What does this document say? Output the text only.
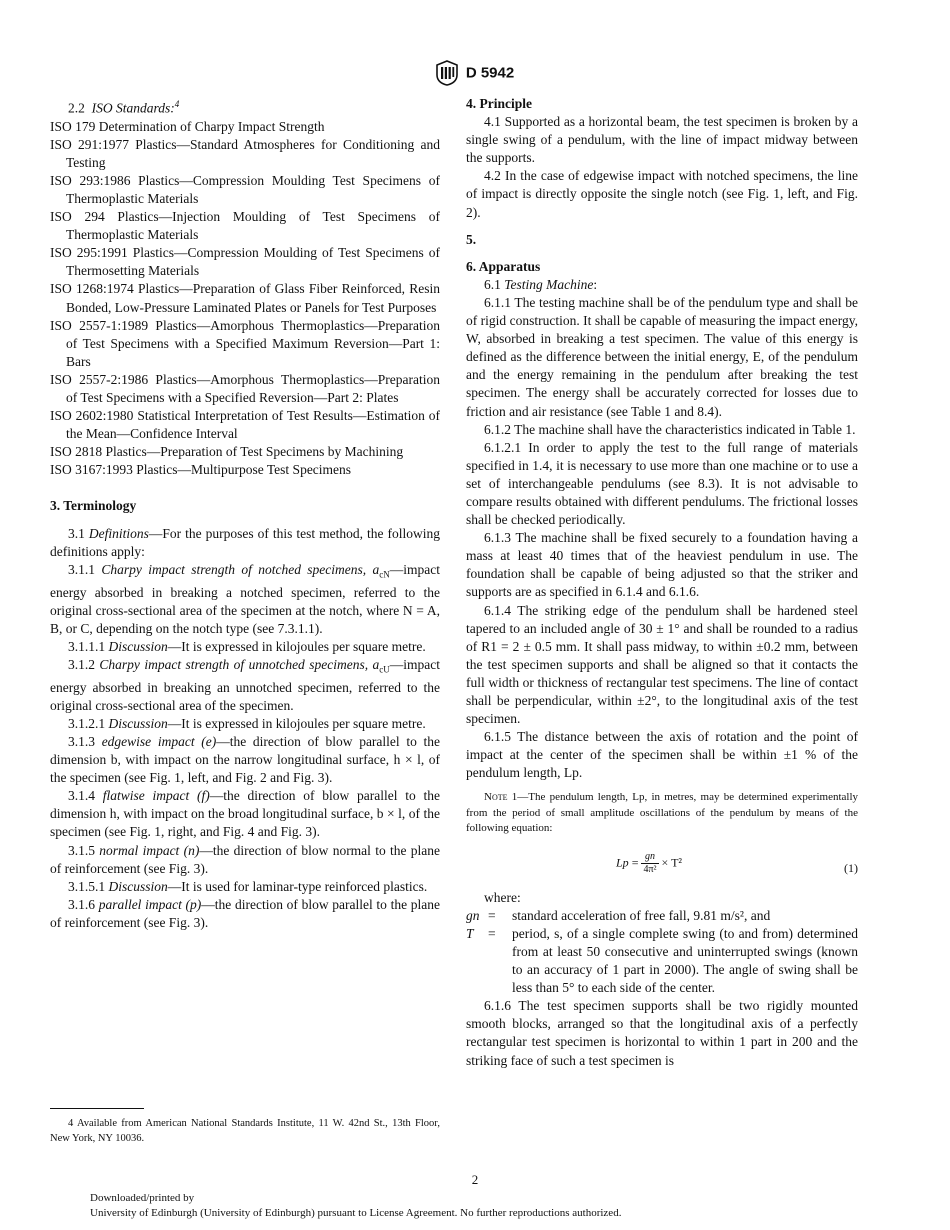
D 5942

2.2 ISO Standards:$^4$

ISO 179 Determination of Charpy Impact Strength

ISO 291:1977 Plastics—Standard Atmospheres for Conditioning and Testing

ISO 293:1986 Plastics—Compression Moulding Test Specimens of Thermoplastic Materials

ISO 294 Plastics—Injection Moulding of Test Specimens of Thermoplastic Materials

ISO 295:1991 Plastics—Compression Moulding of Test Specimens of Thermosetting Materials

ISO 1268:1974 Plastics—Preparation of Glass Fiber Reinforced, Resin Bonded, Low-Pressure Laminated Plates or Panels for Test Purposes

ISO 2557-1:1989 Plastics—Amorphous Thermoplastics—Preparation of Test Specimens with a Specified Maximum Reversion—Part 1: Bars

ISO 2557-2:1986 Plastics—Amorphous Thermoplastics—Preparation of Test Specimens with a Specified Reversion—Part 2: Plates

ISO 2602:1980 Statistical Interpretation of Test Results—Estimation of the Mean—Confidence Interval

ISO 2818 Plastics—Preparation of Test Specimens by Machining

ISO 3167:1993 Plastics—Multipurpose Test Specimens

3. Terminology

3.1 Definitions—For the purposes of this test method, the following definitions apply:

3.1.1 Charpy impact strength of notched specimens, $a_{cN}—impact$ energy absorbed in breaking a notched specimen, referred to the original cross-sectional area of the specimen at the notch, where N = A, B, or C, depending on the notch type (see 7.3.1.1).

3.1.1.1 Discussion—It is expressed in kilojoules per square metre.

3.1.2 Charpy impact strength of unnotched specimens, $a_{cU}—impact$ energy absorbed in breaking an unnotched specimen, referred to the original cross-sectional area of the specimen.

3.1.2.1 Discussion—It is expressed in kilojoules per square metre.

3.1.3 edgewise impact (e)—the direction of blow parallel to the dimension b, with impact on the narrow longitudinal surface, h × l, of the specimen (see Fig. 1, left, and Fig. 2 and Fig. 3).

3.1.4 flatwise impact (f)—the direction of blow parallel to the dimension h, with impact on the broad longitudinal surface, b × l, of the specimen (see Fig. 1, right, and Fig. 4 and Fig. 3).

3.1.5 normal impact (n)—the direction of blow normal to the plane of reinforcement (see Fig. 3).

3.1.5.1 Discussion—It is used for laminar-type reinforced plastics.

3.1.6 parallel impact (p)—the direction of blow parallel to the plane of reinforcement (see Fig. 3).

4. Principle

4.1 Supported as a horizontal beam, the test specimen is broken by a single swing of a pendulum, with the line of impact midway between the supports.

4.2 In the case of edgewise impact with notched specimens, the line of impact is directly opposite the single notch (see Fig. 1, left, and Fig. 2).

5.

6. Apparatus

6.1 Testing Machine:

6.1.1 The testing machine shall be of the pendulum type and shall be of rigid construction. It shall be capable of measuring the impact energy, W, absorbed in breaking a test specimen. The value of this energy is defined as the difference between the initial energy, E, of the pendulum and the energy remaining in the pendulum after breaking the test specimen. The energy shall be accurately corrected for losses due to friction and air resistance (see Table 1 and 8.4).

6.1.2 The machine shall have the characteristics indicated in Table 1.

6.1.2.1 In order to apply the test to the full range of materials specified in 1.4, it is necessary to use more than one machine or to use a set of interchangeable pendulums (see 8.3). It is not advisable to compare results obtained with different pendulums. The frictional losses shall be checked periodically.

6.1.3 The machine shall be fixed securely to a foundation having a mass at least 40 times that of the heaviest pendulum in use. The foundation shall be capable of being adjusted so that the striker and supports are as specified in 6.1.4 and 6.1.6.

6.1.4 The striking edge of the pendulum shall be hardened steel tapered to an included angle of 30 ± 1° and shall be rounded to a radius of R1 = 2 ± 0.5 mm. It shall pass midway, to within ±0.2 mm, between the test specimen supports and shall be aligned so that it contacts the full width or thickness of rectangular test specimens. The line of contact shall be perpendicular, within ±2°, to the longitudinal axis of the test specimen.

6.1.5 The distance between the axis of rotation and the point of impact at the center of the specimen shall be within ±1 % of the pendulum length, Lp.

Note 1—The pendulum length, Lp, in metres, may be determined experimentally from the period of small amplitude oscillations of the pendulum by means of the following equation:

$Lp = \frac{gn}{\text{4π²}} \times T^2$	(1)

where:

gn =	standard acceleration of free fall, 9.81 m/s², and
T	=	period, s, of a single complete swing (to and from) determined from at least 50 consecutive and uninterrupted swings (known to an accuracy of 1 part in 2000). The angle of swing shall be less than 5° to each side of the center.

6.1.6 The test specimen supports shall be two rigidly mounted smooth blocks, arranged so that the longitudinal axis of a perfectly rectangular test specimen is horizontal to within 1 part in 200 and the striking face of such a test specimen is

4 Available from American National Standards Institute, 11 W. 42nd St., 13th Floor, New York, NY 10036.
2
Downloaded/printed by
University of Edinburgh (University of Edinburgh) pursuant to License Agreement. No further reproductions authorized.
